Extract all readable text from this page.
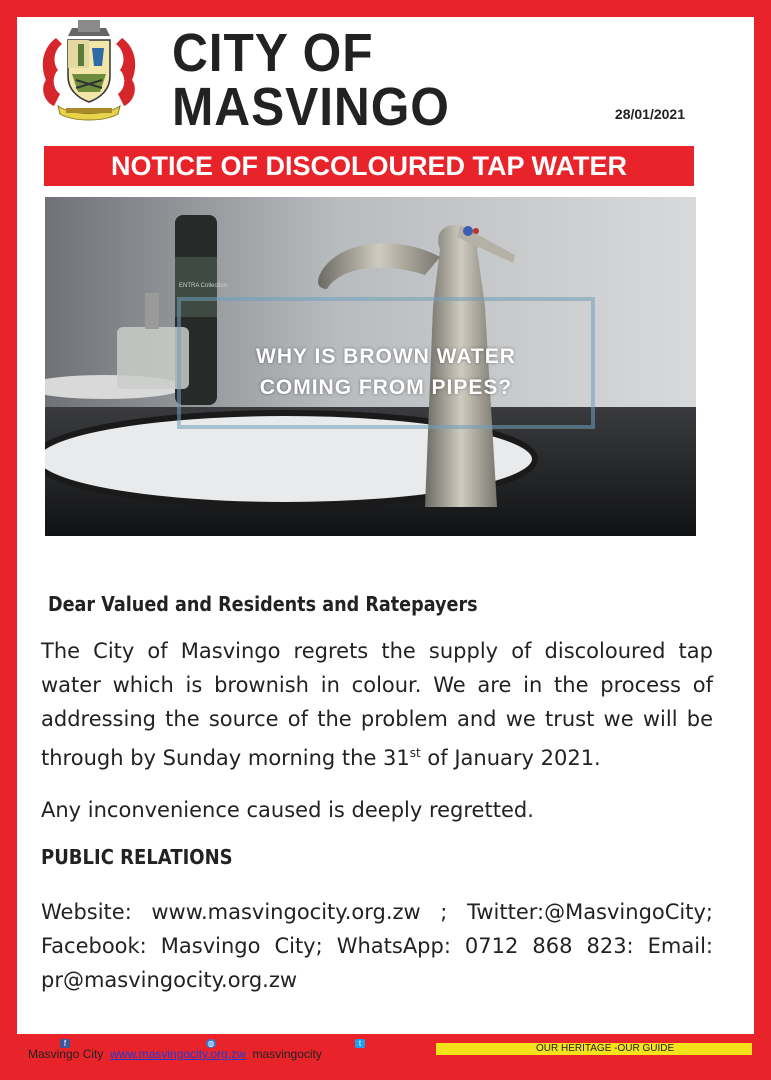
CITY OF MASVINGO	28/01/2021
NOTICE OF DISCOLOURED TAP WATER
ENTRA Collection
WHY IS BROWN WATER
COMING FROM PIPES?
Dear Valued and Residents and Ratepayers
The City of Masvingo regrets the supply of discoloured tap water which is brownish in colour. We are in the process of addressing the source of the problem and we trust we will be through by Sunday morning the 31st of January 2021.
Any inconvenience caused is deeply regretted.
PUBLIC RELATIONS
Website: www.masvingocity.org.zw ; Twitter:@MasvingoCity; Facebook: Masvingo City; WhatsApp: 0712 868 823: Email: pr@masvingocity.org.zw
f	◍	t
Masvingo City www.masvingocity.org.zw masvingocity	OUR HERITAGE -OUR GUIDE
